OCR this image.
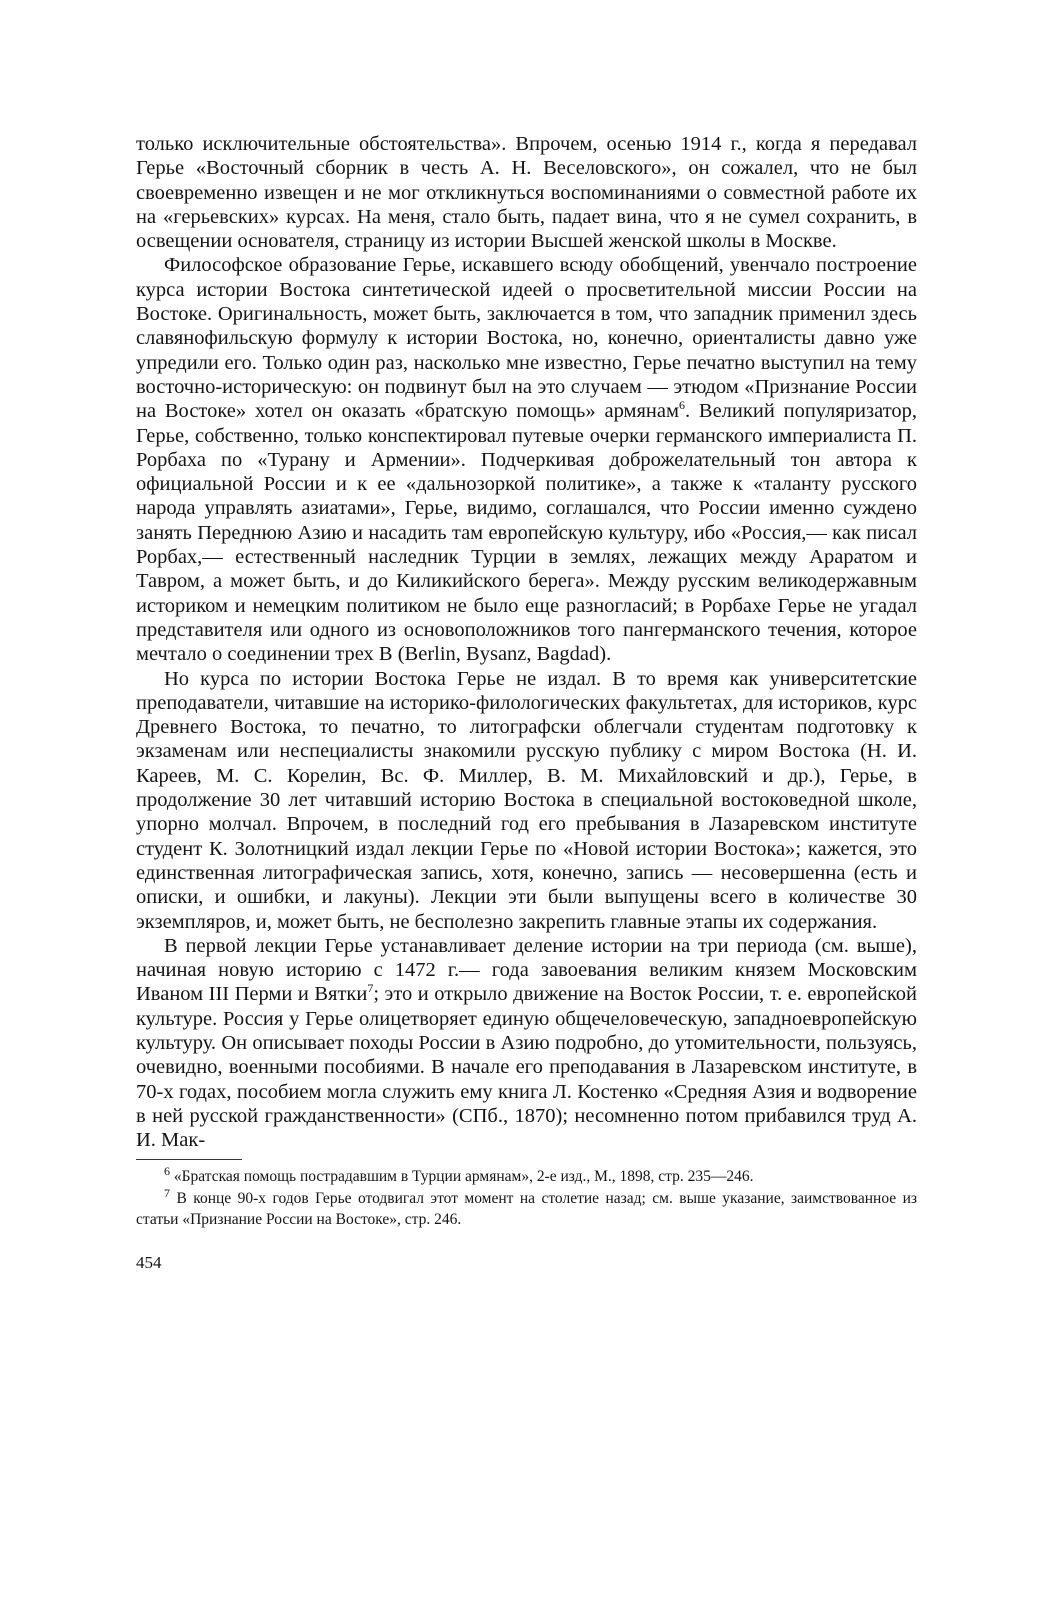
только исключительные обстоятельства». Впрочем, осенью 1914 г., когда я передавал Герье «Восточный сборник в честь А. Н. Веселовского», он сожалел, что не был своевременно извещен и не мог откликнуться воспоминаниями о совместной работе их на «герьевских» курсах. На меня, стало быть, падает вина, что я не сумел сохранить, в освещении основателя, страницу из истории Высшей женской школы в Москве.

Философское образование Герье, искавшего всюду обобщений, увенчало построение курса истории Востока синтетической идеей о просветительной миссии России на Востоке. Оригинальность, может быть, заключается в том, что западник применил здесь славянофильскую формулу к истории Востока, но, конечно, ориенталисты давно уже упредили его. Только один раз, насколько мне известно, Герье печатно выступил на тему восточно-историческую: он подвинут был на это случаем — этюдом «Признание России на Востоке» хотел он оказать «братскую помощь» армянам$^6$. Великий популяризатор, Герье, собственно, только конспектировал путевые очерки германского империалиста П. Рорбаха по «Турану и Армении». Подчеркивая доброжелательный тон автора к официальной России и к ее «дальнозоркой политике», а также к «таланту русского народа управлять азиатами», Герье, видимо, соглашался, что России именно суждено занять Переднюю Азию и насадить там европейскую культуру, ибо «Россия,— как писал Рорбах,— естественный наследник Турции в землях, лежащих между Араратом и Тавром, а может быть, и до Киликийского берега». Между русским великодержавным историком и немецким политиком не было еще разногласий; в Рорбахе Герье не угадал представителя или одного из основоположников того пангерманского течения, которое мечтало о соединении трех В (Berlin, Bysanz, Bagdad).

Но курса по истории Востока Герье не издал. В то время как университетские преподаватели, читавшие на историко-филологических факультетах, для историков, курс Древнего Востока, то печатно, то литографски облегчали студентам подготовку к экзаменам или неспециалисты знакомили русскую публику с миром Востока (Н. И. Кареев, М. С. Корелин, Вс. Ф. Миллер, В. М. Михайловский и др.), Герье, в продолжение 30 лет читавший историю Востока в специальной востоковедной школе, упорно молчал. Впрочем, в последний год его пребывания в Лазаревском институте студент К. Золотницкий издал лекции Герье по «Новой истории Востока»; кажется, это единственная литографическая запись, хотя, конечно, запись — несовершенна (есть и описки, и ошибки, и лакуны). Лекции эти были выпущены всего в количестве 30 экземпляров, и, может быть, не бесполезно закрепить главные этапы их содержания.

В первой лекции Герье устанавливает деление истории на три периода (см. выше), начиная новую историю с 1472 г.— года завоевания великим князем Московским Иваном III Перми и Вятки$^7$; это и открыло движение на Восток России, т. е. европейской культуре. Россия у Герье олицетворяет единую общечеловеческую, западноевропейскую культуру. Он описывает походы России в Азию подробно, до утомительности, пользуясь, очевидно, военными пособиями. В начале его преподавания в Лазаревском институте, в 70-х годах, пособием могла служить ему книга Л. Костенко «Средняя Азия и водворение в ней русской гражданственности» (СПб., 1870); несомненно потом прибавился труд А. И. Мак-

$^6$ «Братская помощь пострадавшим в Турции армянам», 2-е изд., М., 1898, стр. 235—246.

$^7$ В конце 90-х годов Герье отодвигал этот момент на столетие назад; см. выше указание, заимствованное из статьи «Признание России на Востоке», стр. 246.

454
